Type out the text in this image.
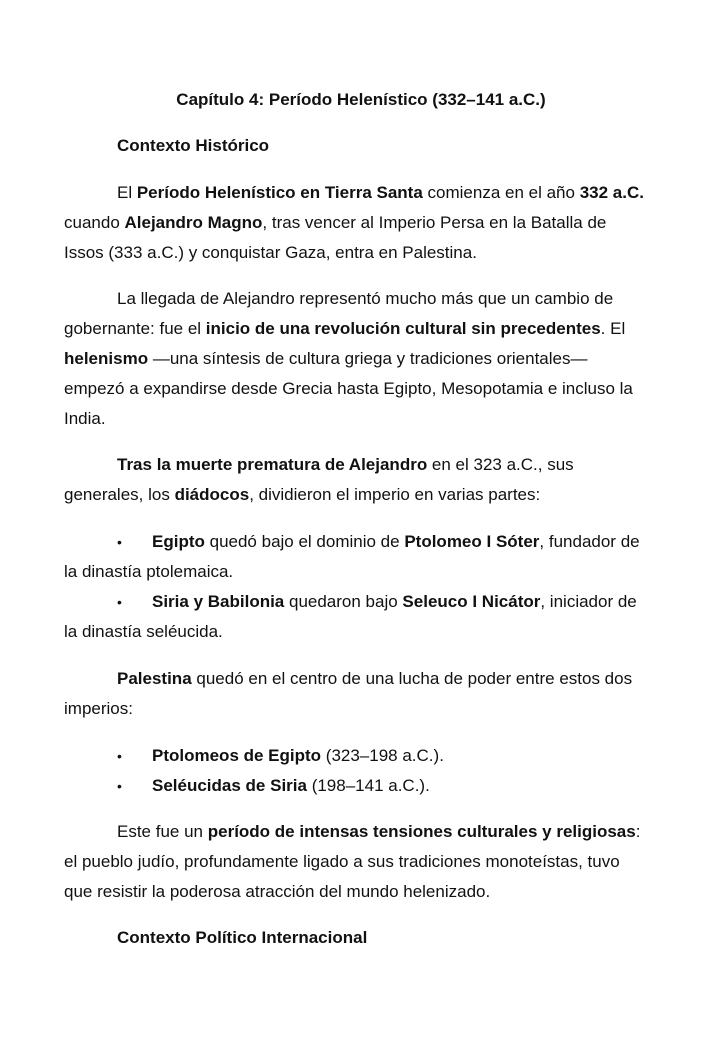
Capítulo 4: Período Helenístico (332–141 a.C.)
Contexto Histórico

El Período Helenístico en Tierra Santa comienza en el año 332 a.C.
cuando Alejandro Magno, tras vencer al Imperio Persa en la Batalla de
Issos (333 a.C.) y conquistar Gaza, entra en Palestina.

La llegada de Alejandro representó mucho más que un cambio de
gobernante: fue el inicio de una revolución cultural sin precedentes. El
helenismo —una síntesis de cultura griega y tradiciones orientales—
empezó a expandirse desde Grecia hasta Egipto, Mesopotamia e incluso la
India.

Tras la muerte prematura de Alejandro en el 323 a.C., sus
generales, los diádocos, dividieron el imperio en varias partes:

•	Egipto quedó bajo el dominio de Ptolomeo I Sóter, fundador de
la dinastía ptolemaica.
•	Siria y Babilonia quedaron bajo Seleuco I Nicátor, iniciador de
la dinastía seléucida.

Palestina quedó en el centro de una lucha de poder entre estos dos
imperios:

•	Ptolomeos de Egipto (323–198 a.C.).
•	Seléucidas de Siria (198–141 a.C.).

Este fue un período de intensas tensiones culturales y religiosas:
el pueblo judío, profundamente ligado a sus tradiciones monoteístas, tuvo
que resistir la poderosa atracción del mundo helenizado.

Contexto Político Internacional
